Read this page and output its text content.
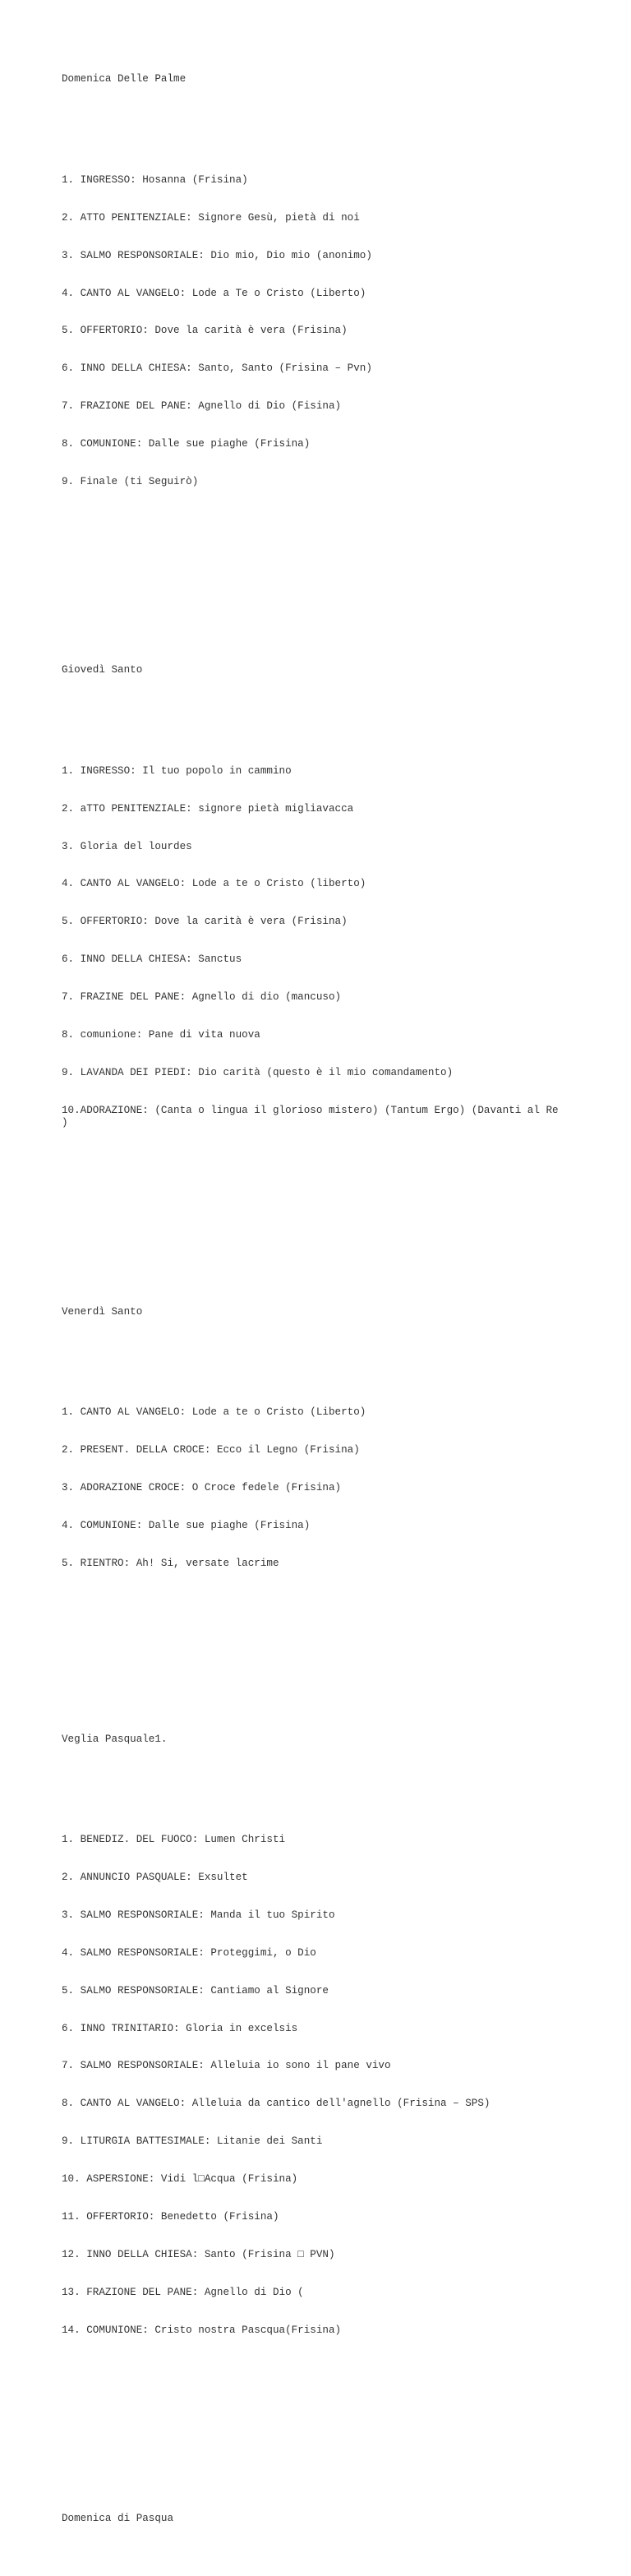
Domenica Delle Palme

1. INGRESSO: Hosanna (Frisina)

2. ATTO PENITENZIALE: Signore Gesù, pietà di noi

3. SALMO RESPONSORIALE: Dio mio, Dio mio (anonimo)

4. CANTO AL VANGELO: Lode a Te o Cristo (Liberto)

5. OFFERTORIO: Dove la carità è vera (Frisina)

6. INNO DELLA CHIESA: Santo, Santo (Frisina – Pvn)

7. FRAZIONE DEL PANE: Agnello di Dio (Fisina)

8. COMUNIONE: Dalle sue piaghe (Frisina)

9. Finale (ti Seguirò)

Giovedì Santo

1. INGRESSO: Il tuo popolo in cammino

2. aTTO PENITENZIALE: signore pietà migliavacca

3. Gloria del lourdes

4. CANTO AL VANGELO: Lode a te o Cristo (liberto)

5. OFFERTORIO: Dove la carità è vera (Frisina)

6. INNO DELLA CHIESA: Sanctus

7. FRAZINE DEL PANE: Agnello di dio (mancuso)

8. comunione: Pane di vita nuova

9. LAVANDA DEI PIEDI: Dio carità (questo è il mio comandamento)

10.ADORAZIONE: (Canta o lingua il glorioso mistero) (Tantum Ergo) (Davanti al Re
)

Venerdì Santo

1. CANTO AL VANGELO: Lode a te o Cristo (Liberto)

2. PRESENT. DELLA CROCE: Ecco il Legno (Frisina)

3. ADORAZIONE CROCE: O Croce fedele (Frisina)

4. COMUNIONE: Dalle sue piaghe (Frisina)

5. RIENTRO: Ah! Si, versate lacrime

Veglia Pasquale1.

1. BENEDIZ. DEL FUOCO: Lumen Christi

2. ANNUNCIO PASQUALE: Exsultet

3. SALMO RESPONSORIALE: Manda il tuo Spirito

4. SALMO RESPONSORIALE: Proteggimi, o Dio

5. SALMO RESPONSORIALE: Cantiamo al Signore

6. INNO TRINITARIO: Gloria in excelsis

7. SALMO RESPONSORIALE: Alleluia io sono il pane vivo

8. CANTO AL VANGELO: Alleluia da cantico dell'agnello (Frisina – SPS)

9. LITURGIA BATTESIMALE: Litanie dei Santi

10. ASPERSIONE: Vidi l□Acqua (Frisina)

11. OFFERTORIO: Benedetto (Frisina)

12. INNO DELLA CHIESA: Santo (Frisina □ PVN)

13. FRAZIONE DEL PANE: Agnello di Dio (

14. COMUNIONE: Cristo nostra Pascqua(Frisina)

Domenica di Pasqua
